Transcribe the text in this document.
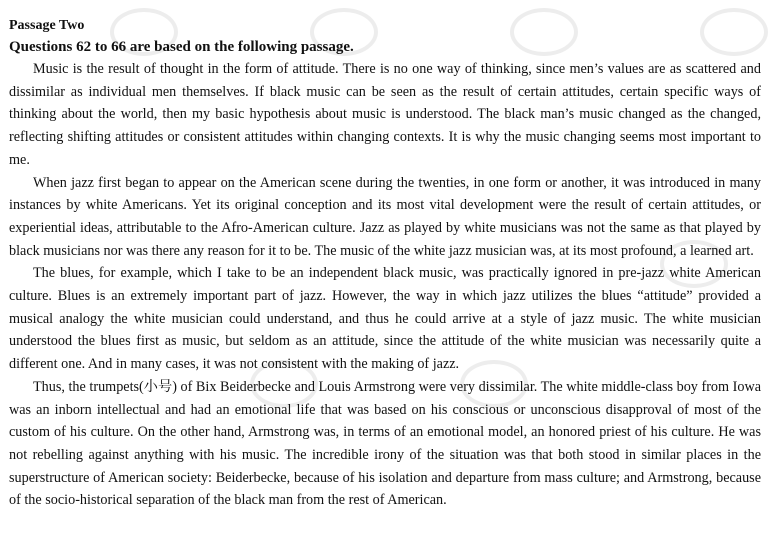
Passage Two

Questions 62 to 66 are based on the following passage.

Music is the result of thought in the form of attitude. There is no one way of thinking, since men’s values are as scattered and dissimilar as individual men themselves. If black music can be seen as the result of certain attitudes, certain specific ways of thinking about the world, then my basic hypothesis about music is understood. The black man’s music changed as the changed, reflecting shifting attitudes or consistent attitudes within changing contexts. It is why the music changing seems most important to me.

When jazz first began to appear on the American scene during the twenties, in one form or another, it was introduced in many instances by white Americans. Yet its original conception and its most vital development were the result of certain attitudes, or experiential ideas, attributable to the Afro-American culture. Jazz as played by white musicians was not the same as that played by black musicians nor was there any reason for it to be. The music of the white jazz musician was, at its most profound, a learned art.

The blues, for example, which I take to be an independent black music, was practically ignored in pre-jazz white American culture. Blues is an extremely important part of jazz. However, the way in which jazz utilizes the blues “attitude” provided a musical analogy the white musician could understand, and thus he could arrive at a style of jazz music. The white musician understood the blues first as music, but seldom as an attitude, since the attitude of the white musician was necessarily quite a different one. And in many cases, it was not consistent with the making of jazz.

Thus, the trumpets(小号) of Bix Beiderbecke and Louis Armstrong were very dissimilar. The white middle-class boy from Iowa was an inborn intellectual and had an emotional life that was based on his conscious or unconscious disapproval of most of the custom of his culture. On the other hand, Armstrong was, in terms of an emotional model, an honored priest of his culture. He was not rebelling against anything with his music. The incredible irony of the situation was that both stood in similar places in the superstructure of American society: Beiderbecke, because of his isolation and departure from mass culture; and Armstrong, because of the socio-historical separation of the black man from the rest of American.
